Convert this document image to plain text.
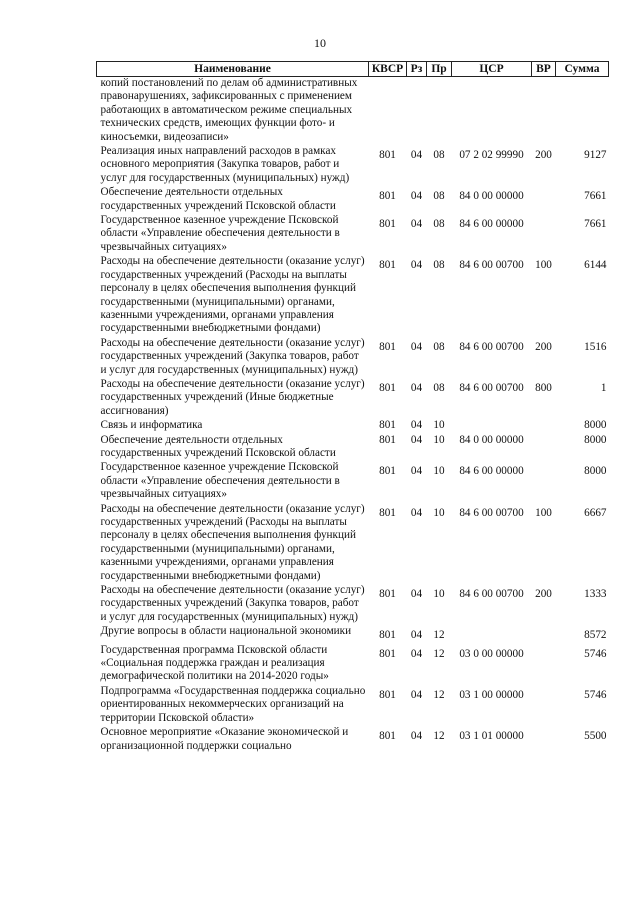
10
Наименование	КВСР	Рз	Пр	ЦСР	ВР	Сумма
копий постановлений по делам об административных правонарушениях, зафиксированных с применением работающих в автоматическом режиме специальных технических средств, имеющих функции фото- и киносъемки, видеозаписи»						
Реализация иных направлений расходов в рамках основного мероприятия (Закупка товаров, работ и услуг для государственных (муниципальных) нужд)	801	04	08	07 2 02 99990	200	9127
Обеспечение деятельности отдельных государственных учреждений Псковской области	801	04	08	84 0 00 00000		7661
Государственное казенное учреждение Псковской области «Управление обеспечения деятельности в чрезвычайных ситуациях»	801	04	08	84 6 00 00000		7661
Расходы на обеспечение деятельности (оказание услуг) государственных учреждений (Расходы на выплаты персоналу в целях обеспечения выполнения функций государственными (муниципальными) органами, казенными учреждениями, органами управления государственными внебюджетными фондами)	801	04	08	84 6 00 00700	100	6144
Расходы на обеспечение деятельности (оказание услуг) государственных учреждений (Закупка товаров, работ и услуг для государственных (муниципальных) нужд)	801	04	08	84 6 00 00700	200	1516
Расходы на обеспечение деятельности (оказание услуг) государственных учреждений (Иные бюджетные ассигнования)	801	04	08	84 6 00 00700	800	1
Связь и информатика	801	04	10			8000
Обеспечение деятельности отдельных государственных учреждений Псковской области	801	04	10	84 0 00 00000		8000
Государственное казенное учреждение Псковской области «Управление обеспечения деятельности в чрезвычайных ситуациях»	801	04	10	84 6 00 00000		8000
Расходы на обеспечение деятельности (оказание услуг) государственных учреждений (Расходы на выплаты персоналу в целях обеспечения выполнения функций государственными (муниципальными) органами, казенными учреждениями, органами управления государственными внебюджетными фондами)	801	04	10	84 6 00 00700	100	6667
Расходы на обеспечение деятельности (оказание услуг) государственных учреждений (Закупка товаров, работ и услуг для государственных (муниципальных) нужд)	801	04	10	84 6 00 00700	200	1333
Другие вопросы в области национальной экономики	801	04	12			8572
Государственная программа Псковской области «Социальная поддержка граждан и реализация демографической политики на 2014-2020 годы»	801	04	12	03 0 00 00000		5746
Подпрограмма «Государственная поддержка социально ориентированных некоммерческих организаций на территории Псковской области»	801	04	12	03 1 00 00000		5746
Основное мероприятие «Оказание экономической и организационной поддержки социально	801	04	12	03 1 01 00000		5500
